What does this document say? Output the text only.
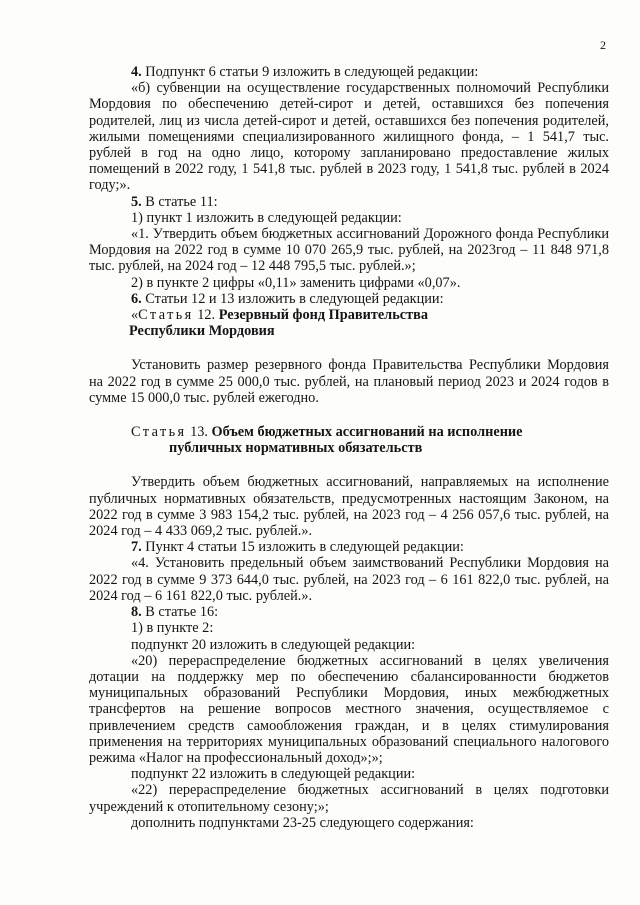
2

4. Подпункт 6 статьи 9 изложить в следующей редакции:

«б) субвенции на осуществление государственных полномочий Республики Мордовия по обеспечению детей-сирот и детей, оставшихся без попечения родителей, лиц из числа детей-сирот и детей, оставшихся без попечения родителей, жилыми помещениями специализированного жилищного фонда, – 1 541,7 тыс. рублей в год на одно лицо, которому запланировано предоставление жилых помещений в 2022 году, 1 541,8 тыс. рублей в 2023 году, 1 541,8 тыс. рублей в 2024 году;».

5. В статье 11:

1) пункт 1 изложить в следующей редакции:

«1. Утвердить объем бюджетных ассигнований Дорожного фонда Республики Мордовия на 2022 год в сумме 10 070 265,9 тыс. рублей, на 2023год – 11 848 971,8 тыс. рублей, на 2024 год – 12 448 795,5 тыс. рублей.»;

2) в пункте 2 цифры «0,11» заменить цифрами «0,07».

6. Статьи 12 и 13 изложить в следующей редакции:

«Статья 12. Резервный фонд Правительства
Республики Мордовия

Установить размер резервного фонда Правительства Республики Мордовия на 2022 год в сумме 25 000,0 тыс. рублей, на плановый период 2023 и 2024 годов в сумме 15 000,0 тыс. рублей ежегодно.

Статья 13. Объем бюджетных ассигнований на исполнение
публичных нормативных обязательств

Утвердить объем бюджетных ассигнований, направляемых на исполнение публичных нормативных обязательств, предусмотренных настоящим Законом, на 2022 год в сумме 3 983 154,2 тыс. рублей, на 2023 год – 4 256 057,6 тыс. рублей, на 2024 год – 4 433 069,2 тыс. рублей.».

7. Пункт 4 статьи 15 изложить в следующей редакции:

«4. Установить предельный объем заимствований Республики Мордовия на 2022 год в сумме 9 373 644,0 тыс. рублей, на 2023 год – 6 161 822,0 тыс. рублей, на 2024 год – 6 161 822,0 тыс. рублей.».

8. В статье 16:

1) в пункте 2:

подпункт 20 изложить в следующей редакции:

«20) перераспределение бюджетных ассигнований в целях увеличения дотации на поддержку мер по обеспечению сбалансированности бюджетов муниципальных образований Республики Мордовия, иных межбюджетных трансфертов на решение вопросов местного значения, осуществляемое с привлечением средств самообложения граждан, и в целях стимулирования применения на территориях муниципальных образований специального налогового режима «Налог на профессиональный доход»;»;

подпункт 22 изложить в следующей редакции:

«22) перераспределение бюджетных ассигнований в целях подготовки учреждений к отопительному сезону;»;

дополнить подпунктами 23-25 следующего содержания:
